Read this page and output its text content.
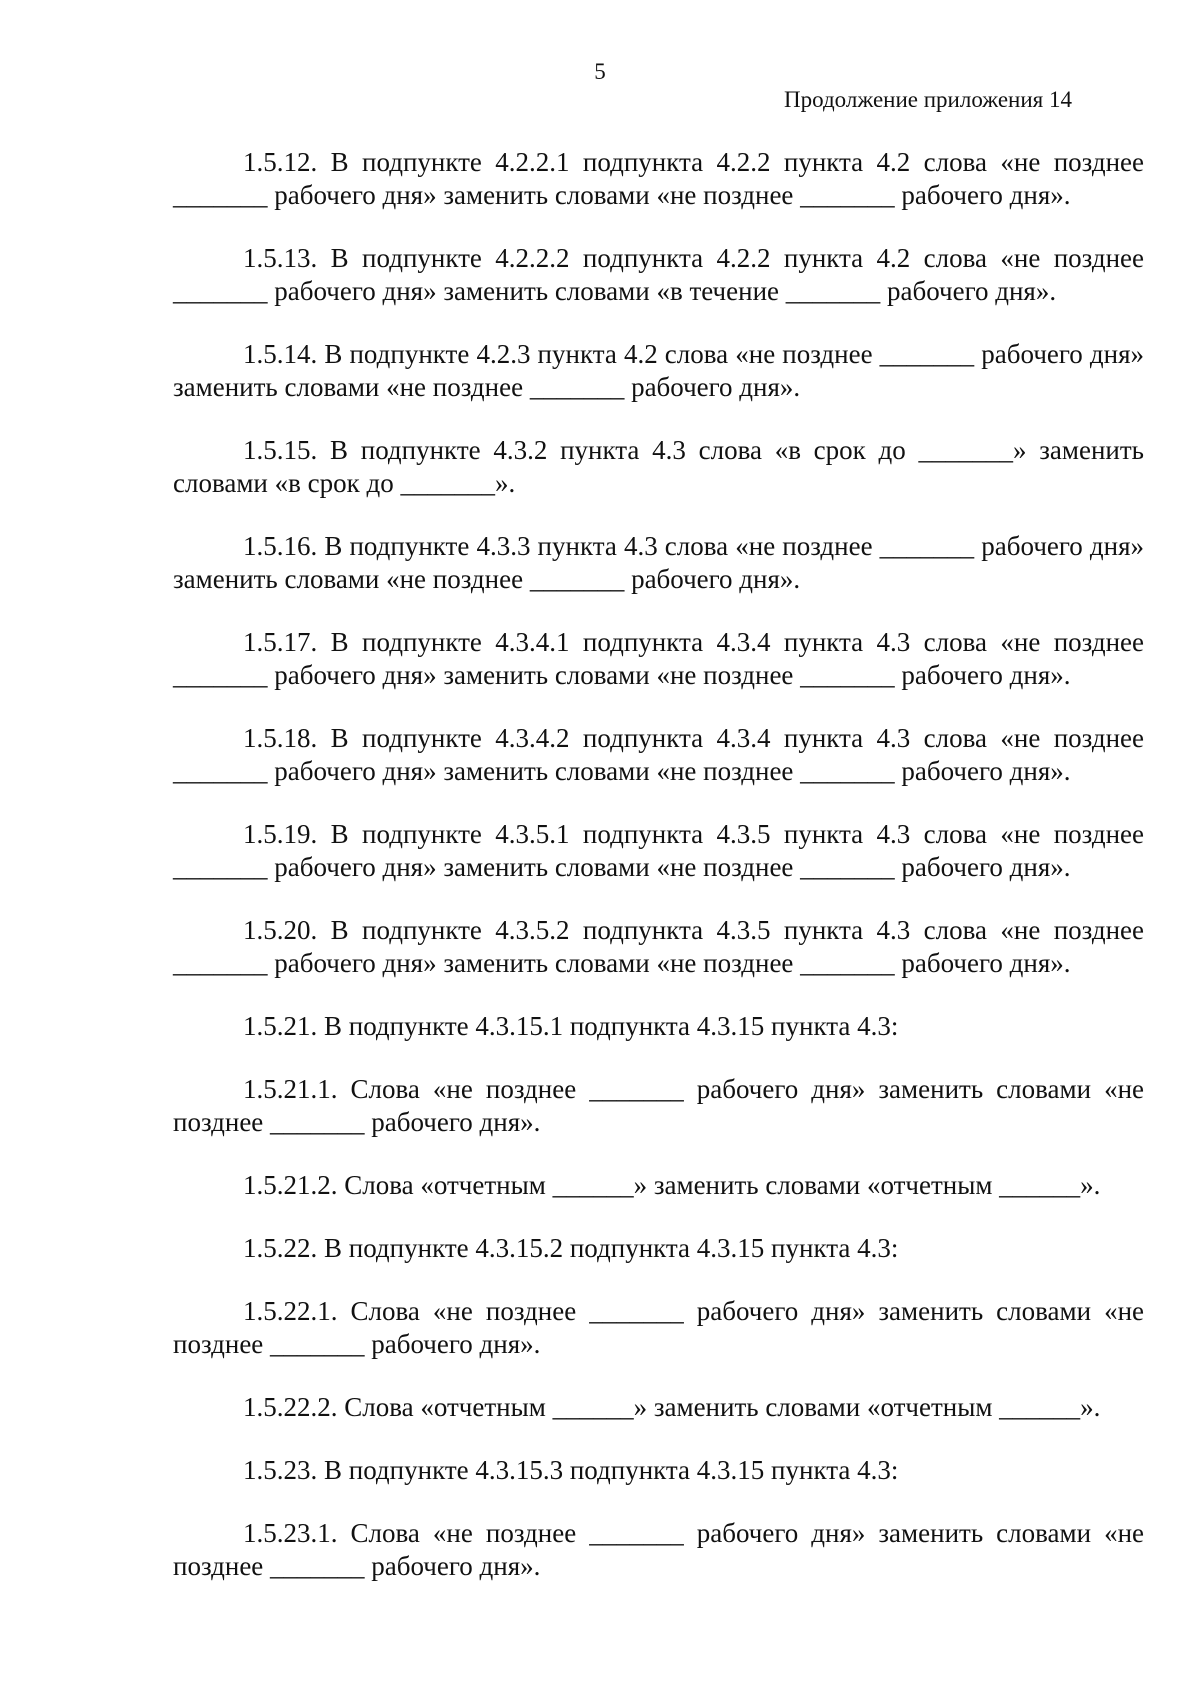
5
Продолжение приложения 14

1.5.12. В подпункте 4.2.2.1 подпункта 4.2.2 пункта 4.2 слова «не позднее _______ рабочего дня» заменить словами «не позднее _______ рабочего дня».

1.5.13. В подпункте 4.2.2.2 подпункта 4.2.2 пункта 4.2 слова «не позднее _______ рабочего дня» заменить словами «в течение _______ рабочего дня».

1.5.14. В подпункте 4.2.3 пункта 4.2 слова «не позднее _______ рабочего дня» заменить словами «не позднее _______ рабочего дня».

1.5.15. В подпункте 4.3.2 пункта 4.3 слова «в срок до _______» заменить словами «в срок до _______».

1.5.16. В подпункте 4.3.3 пункта 4.3 слова «не позднее _______ рабочего дня» заменить словами «не позднее _______ рабочего дня».

1.5.17. В подпункте 4.3.4.1 подпункта 4.3.4 пункта 4.3 слова «не позднее _______ рабочего дня» заменить словами «не позднее _______ рабочего дня».

1.5.18. В подпункте 4.3.4.2 подпункта 4.3.4 пункта 4.3 слова «не позднее _______ рабочего дня» заменить словами «не позднее _______ рабочего дня».

1.5.19. В подпункте 4.3.5.1 подпункта 4.3.5 пункта 4.3 слова «не позднее _______ рабочего дня» заменить словами «не позднее _______ рабочего дня».

1.5.20. В подпункте 4.3.5.2 подпункта 4.3.5 пункта 4.3 слова «не позднее _______ рабочего дня» заменить словами «не позднее _______ рабочего дня».

1.5.21. В подпункте 4.3.15.1 подпункта 4.3.15 пункта 4.3:

1.5.21.1. Слова «не позднее _______ рабочего дня» заменить словами «не позднее _______ рабочего дня».

1.5.21.2. Слова «отчетным ______» заменить словами «отчетным ______».

1.5.22. В подпункте 4.3.15.2 подпункта 4.3.15 пункта 4.3:

1.5.22.1. Слова «не позднее _______ рабочего дня» заменить словами «не позднее _______ рабочего дня».

1.5.22.2. Слова «отчетным ______» заменить словами «отчетным ______».

1.5.23. В подпункте 4.3.15.3 подпункта 4.3.15 пункта 4.3:

1.5.23.1. Слова «не позднее _______ рабочего дня» заменить словами «не позднее _______ рабочего дня».
